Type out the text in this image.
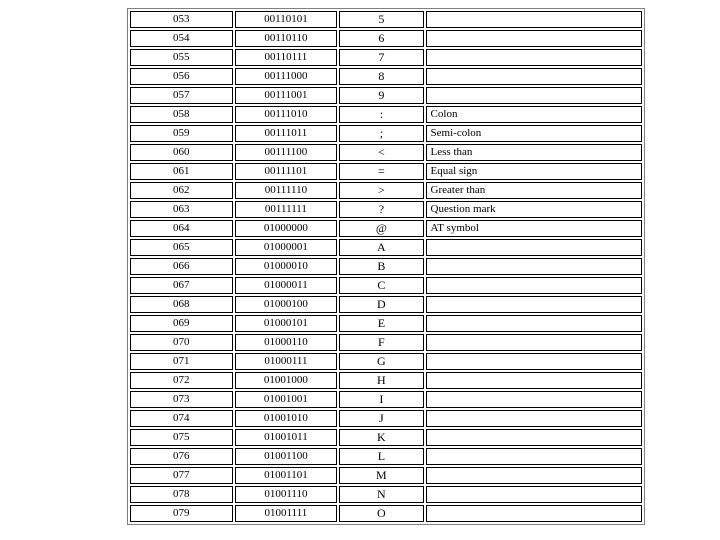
053	00110101	5	
054	00110110	6	
055	00110111	7	
056	00111000	8	
057	00111001	9	
058	00111010	:	Colon
059	00111011	;	Semi-colon
060	00111100	<	Less than
061	00111101	=	Equal sign
062	00111110	>	Greater than
063	00111111	?	Question mark
064	01000000	@	AT symbol
065	01000001	A	
066	01000010	B	
067	01000011	C	
068	01000100	D	
069	01000101	E	
070	01000110	F	
071	01000111	G	
072	01001000	H	
073	01001001	I	
074	01001010	J	
075	01001011	K	
076	01001100	L	
077	01001101	M	
078	01001110	N	
079	01001111	O	
